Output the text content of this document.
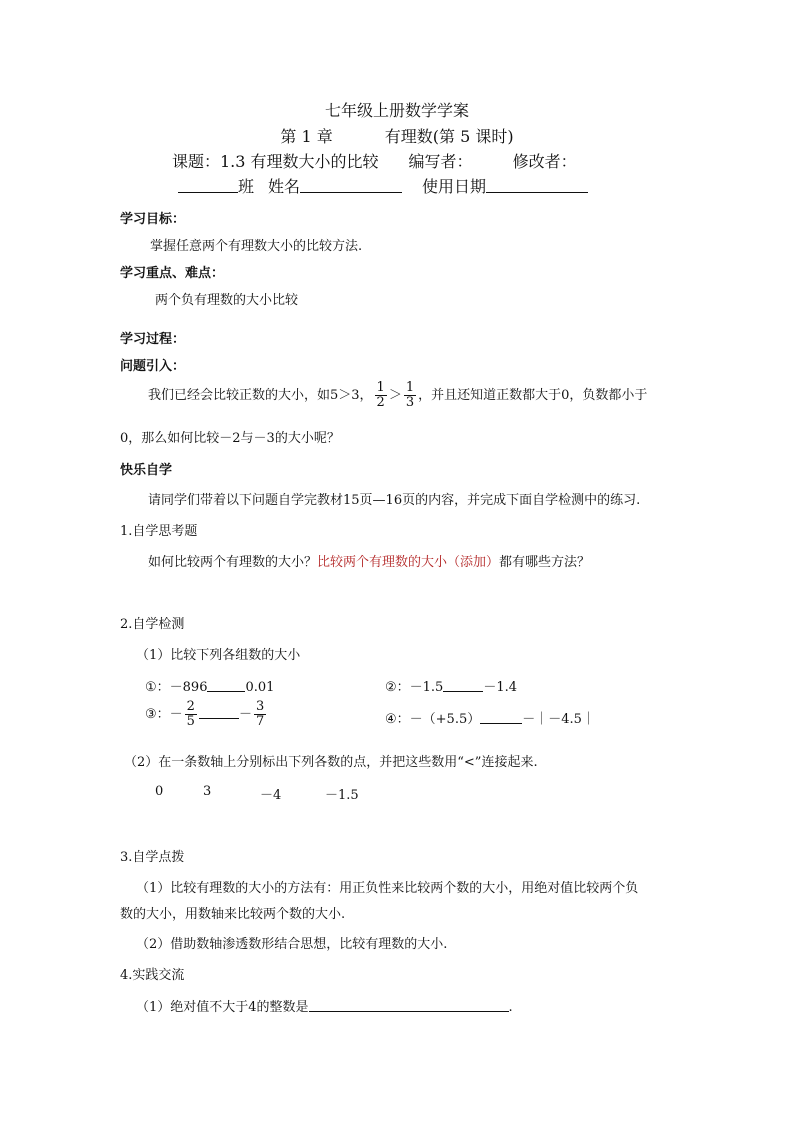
七年级上册数学学案
第 1 章	有理数(第 5 课时)
课题：1.3 有理数大小的比较 编写者：	修改者：
班 姓名	使用日期
学习目标：
掌握任意两个有理数大小的比较方法.
学习重点、难点：
两个负有理数的大小比较
学习过程：
问题引入：
我们已经会比较正数的大小，如5＞3， $\frac{1}{2} > \frac{1}{3}$ ，并且还知道正数都大于0，负数都小于
0，那么如何比较－2与－3的大小呢？
快乐自学
请同学们带着以下问题自学完教材15页—16页的内容，并完成下面自学检测中的练习.
1.自学思考题
如何比较两个有理数的大小？比较两个有理数的大小（添加）都有哪些方法？
2.自学检测
（1）比较下列各组数的大小
①：－896	0.01	②：－1.5	－1.4
③：－ $\frac{2}{5}$	－ $\frac{3}{7}$	④：－（+5.5）	－｜－4.5｜
（2）在一条数轴上分别标出下列各数的点，并把这些数用“<”连接起来.
0	3	－4	－1.5
3.自学点拨
（1）比较有理数的大小的方法有：用正负性来比较两个数的大小，用绝对值比较两个负
数的大小，用数轴来比较两个数的大小.
（2）借助数轴渗透数形结合思想，比较有理数的大小.
4.实践交流
（1）绝对值不大于4的整数是	.
